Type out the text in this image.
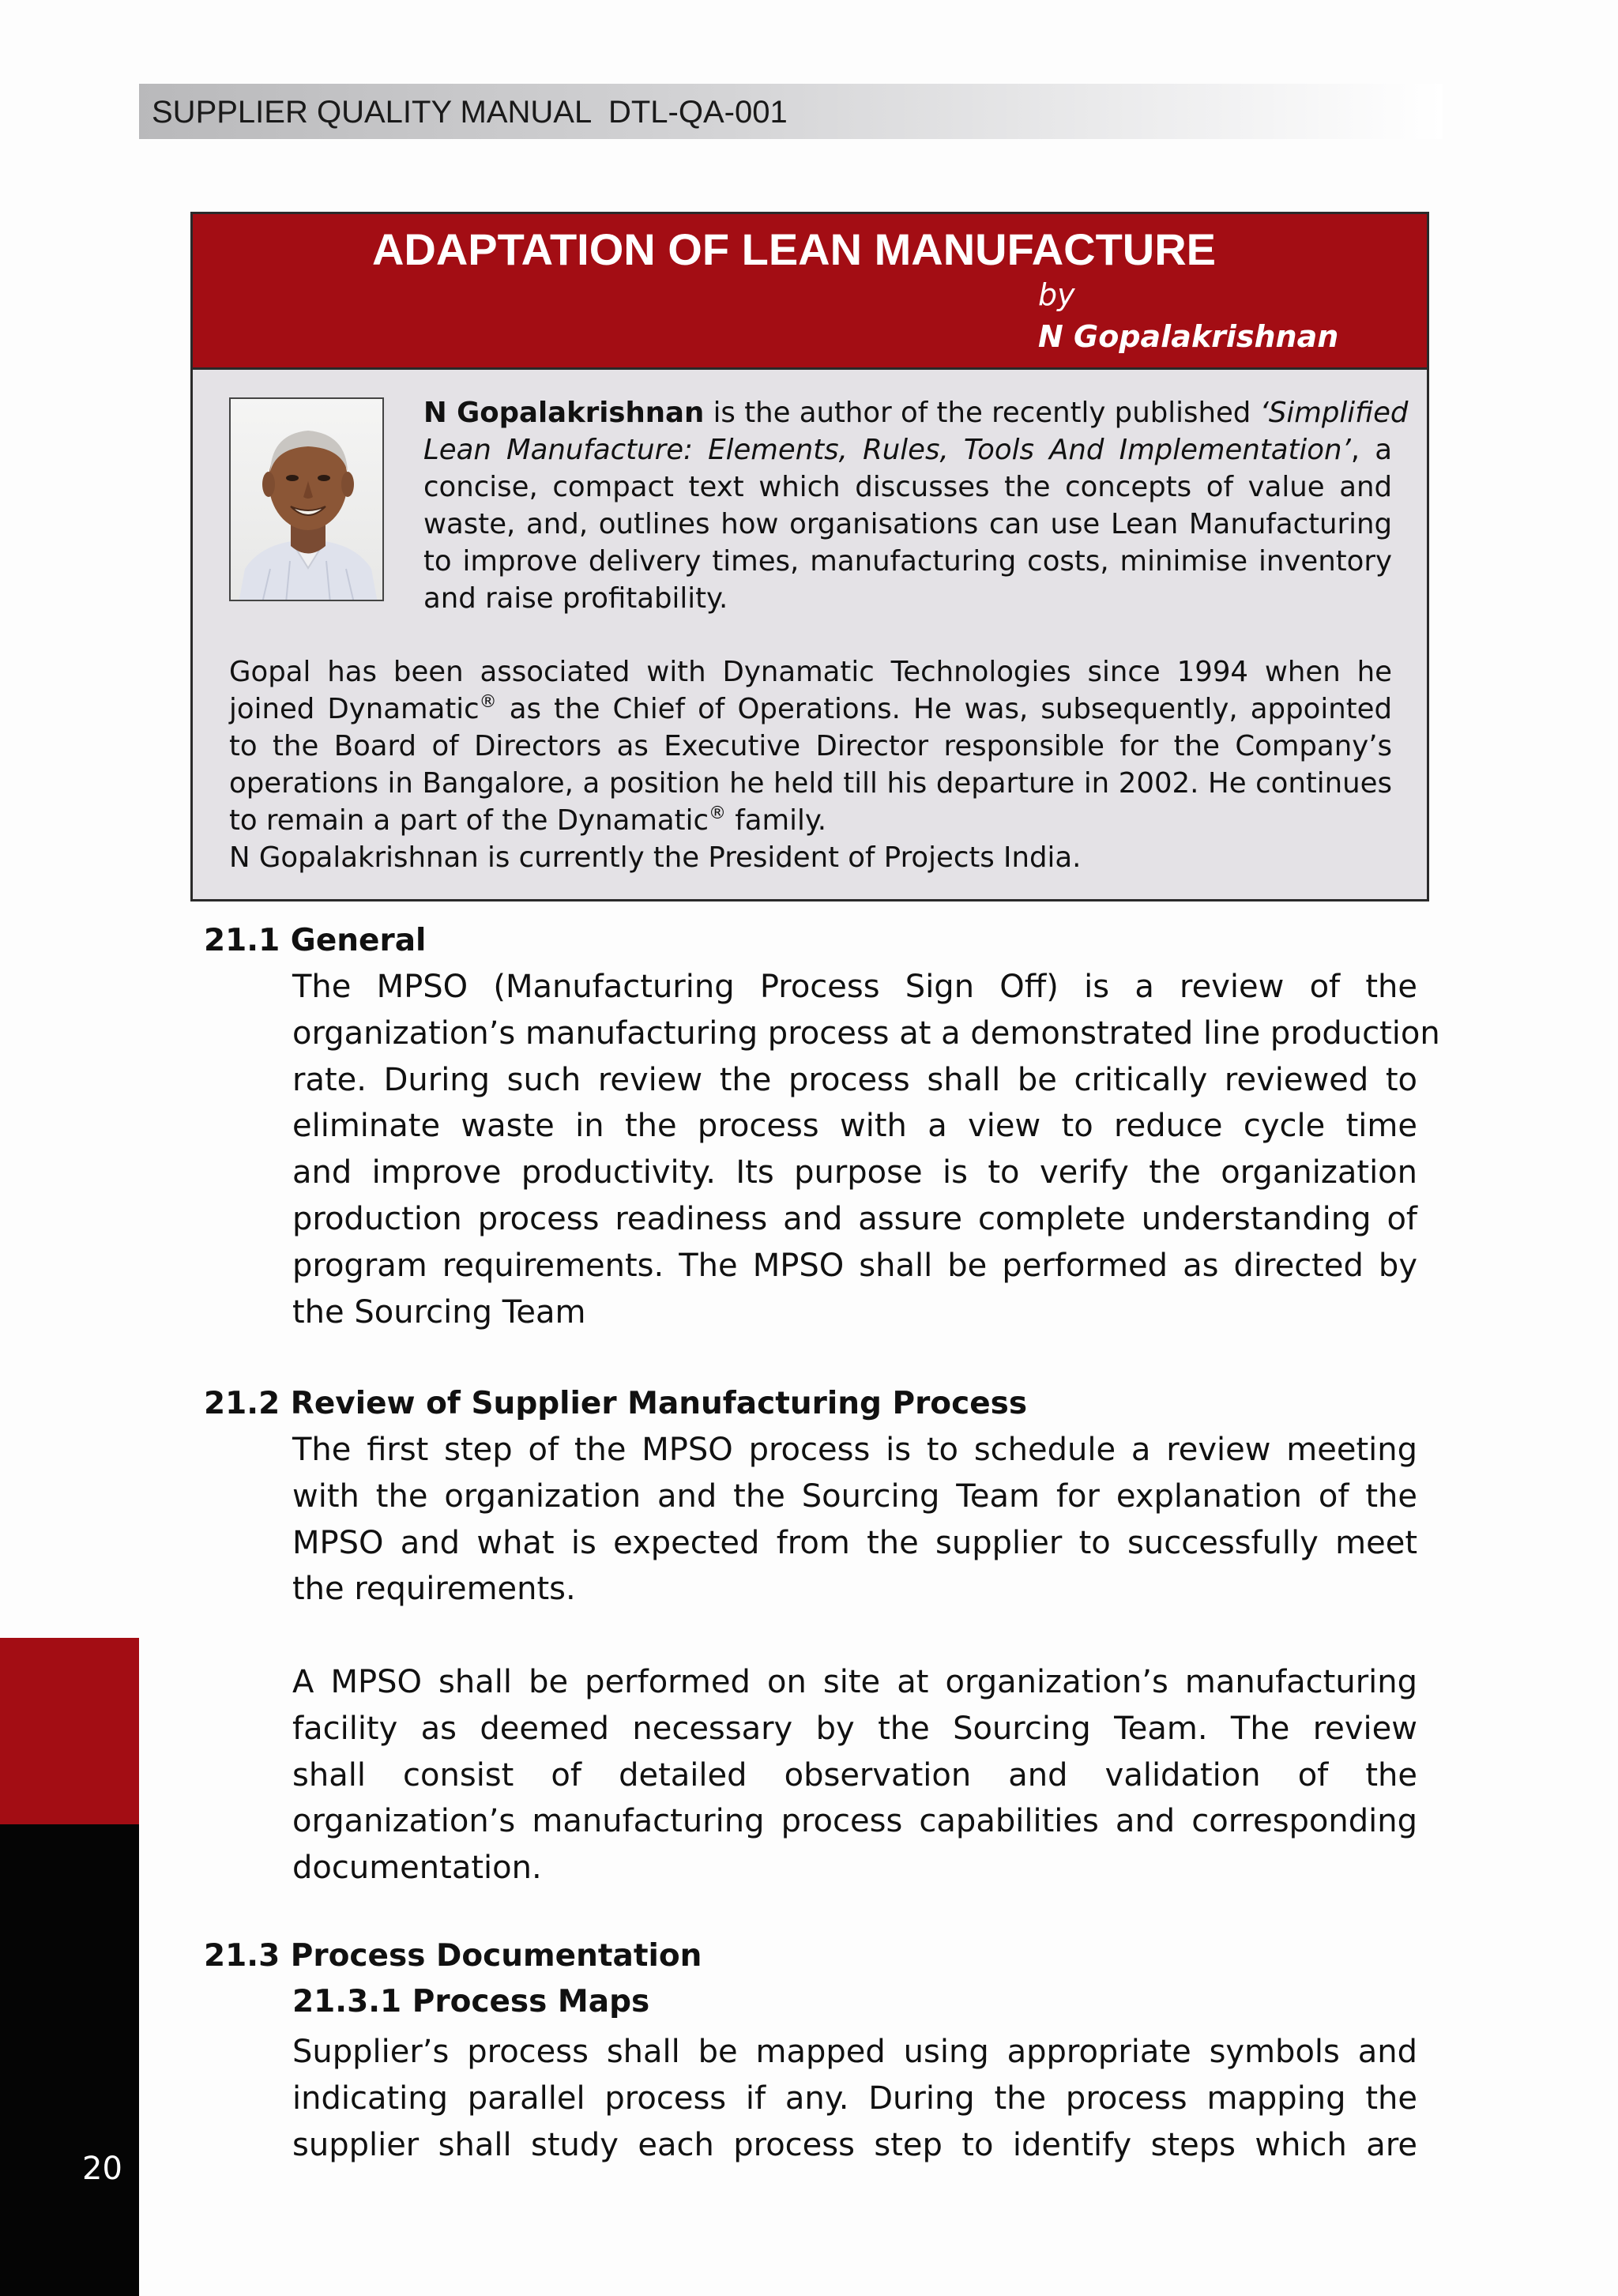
SUPPLIER QUALITY MANUAL  DTL-QA-001
ADAPTATION OF LEAN MANUFACTURE
by
N Gopalakrishnan
N Gopalakrishnan is the author of the recently published ‘Simplified
Lean Manufacture: Elements, Rules, Tools And Implementation’, a
concise, compact text which discusses the concepts of value and
waste, and, outlines how organisations can use Lean Manufacturing
to improve delivery times, manufacturing costs, minimise inventory
and raise profitability.
Gopal has been associated with Dynamatic Technologies since 1994 when he
joined Dynamatic® as the Chief of Operations. He was, subsequently, appointed
to the Board of Directors as Executive Director responsible for the Company’s
operations in Bangalore, a position he held till his departure in 2002. He continues
to remain a part of the Dynamatic® family.
N Gopalakrishnan is currently the President of Projects India.
21.1 General
The MPSO (Manufacturing Process Sign Off) is a review of the
organization’s manufacturing process at a demonstrated line production
rate. During such review the process shall be critically reviewed to
eliminate waste in the process with a view to reduce cycle time
and improve productivity. Its purpose is to verify the organization
production process readiness and assure complete understanding of
program requirements. The MPSO shall be performed as directed by
the Sourcing Team
21.2 Review of Supplier Manufacturing Process
The first step of the MPSO process is to schedule a review meeting
with the organization and the Sourcing Team for explanation of the
MPSO and what is expected from the supplier to successfully meet
the requirements.
A MPSO shall be performed on site at organization’s manufacturing
facility as deemed necessary by the Sourcing Team. The review
shall consist of detailed observation and validation of the
organization’s manufacturing process capabilities and corresponding
documentation.
21.3 Process Documentation
21.3.1 Process Maps
Supplier’s process shall be mapped using appropriate symbols and
indicating parallel process if any. During the process mapping the
supplier shall study each process step to identify steps which are
20
